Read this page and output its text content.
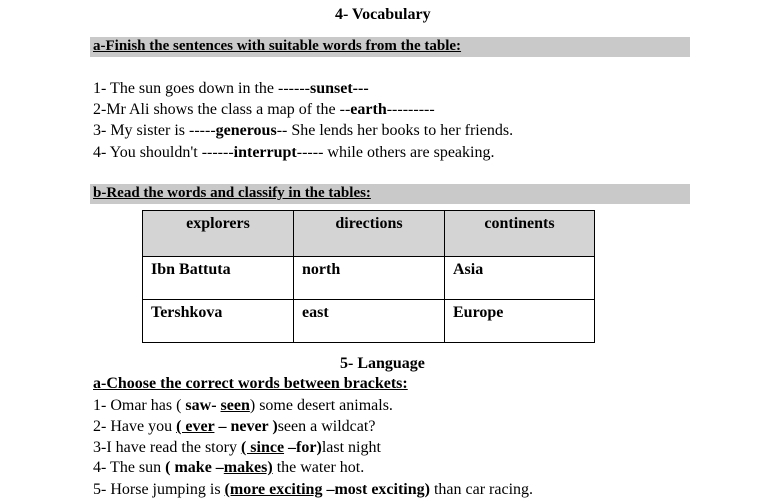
4- Vocabulary
a-Finish the sentences with suitable words from the table:
1- The sun goes down in the ------sunset---
2-Mr Ali shows the class a map of the --earth---------
3- My sister is -----generous-- She lends her books to her friends.
4- You shouldn't ------interrupt----- while others are speaking.
b-Read the words and classify in the tables:
explorers	directions	continents
Ibn Battuta	north	Asia
Tershkova	east	Europe
5- Language
a-Choose the correct words between brackets:
1- Omar has ( saw- seen) some desert animals.
2- Have you ( ever – never )seen a wildcat?
3-I have read the story ( since –for)last night
4- The sun ( make –makes) the water hot.
5- Horse jumping is (more exciting –most exciting) than car racing.
